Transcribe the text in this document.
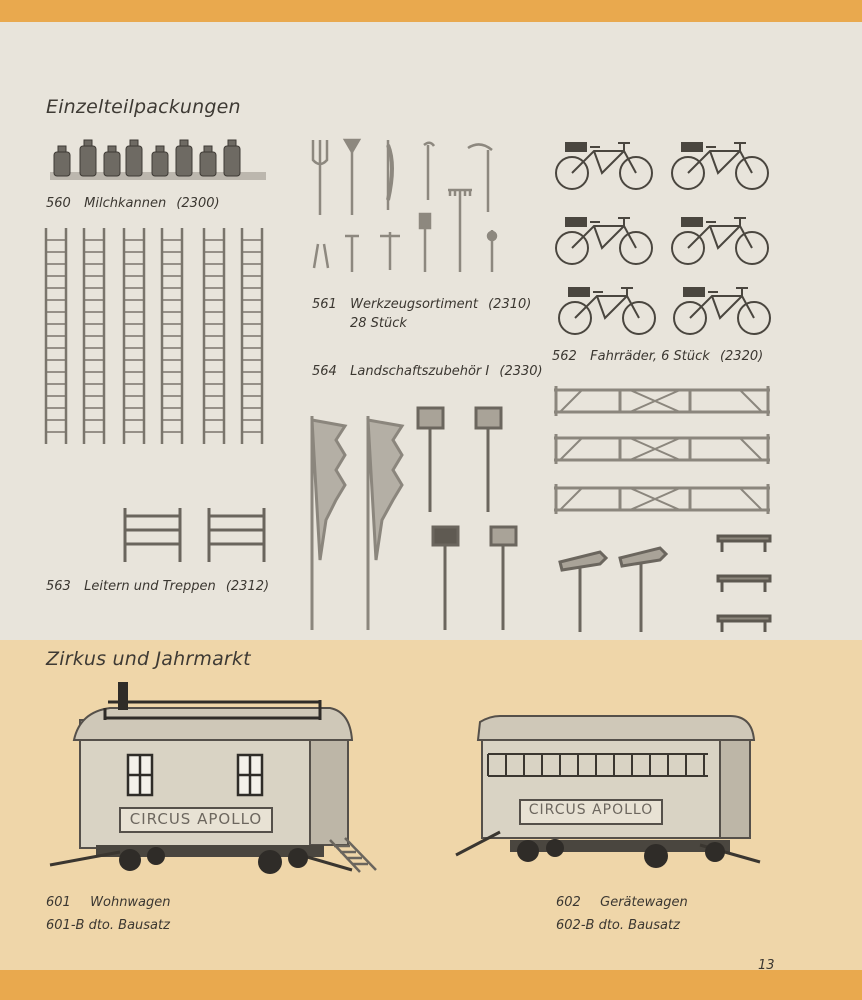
CIRCUS APOLLO	CIRCUS APOLLO
Einzelteilpackungen
Zirkus und Jahrmarkt
560 Milchkannen (2300)
561 Werkzeugsortiment (2310)
28 Stück
564 Landschaftszubehör I (2330)
562 Fahrräder, 6 Stück (2320)
563 Leitern und Treppen (2312)
601 Wohnwagen
601-B dto. Bausatz
602 Gerätewagen
602-B dto. Bausatz
13
